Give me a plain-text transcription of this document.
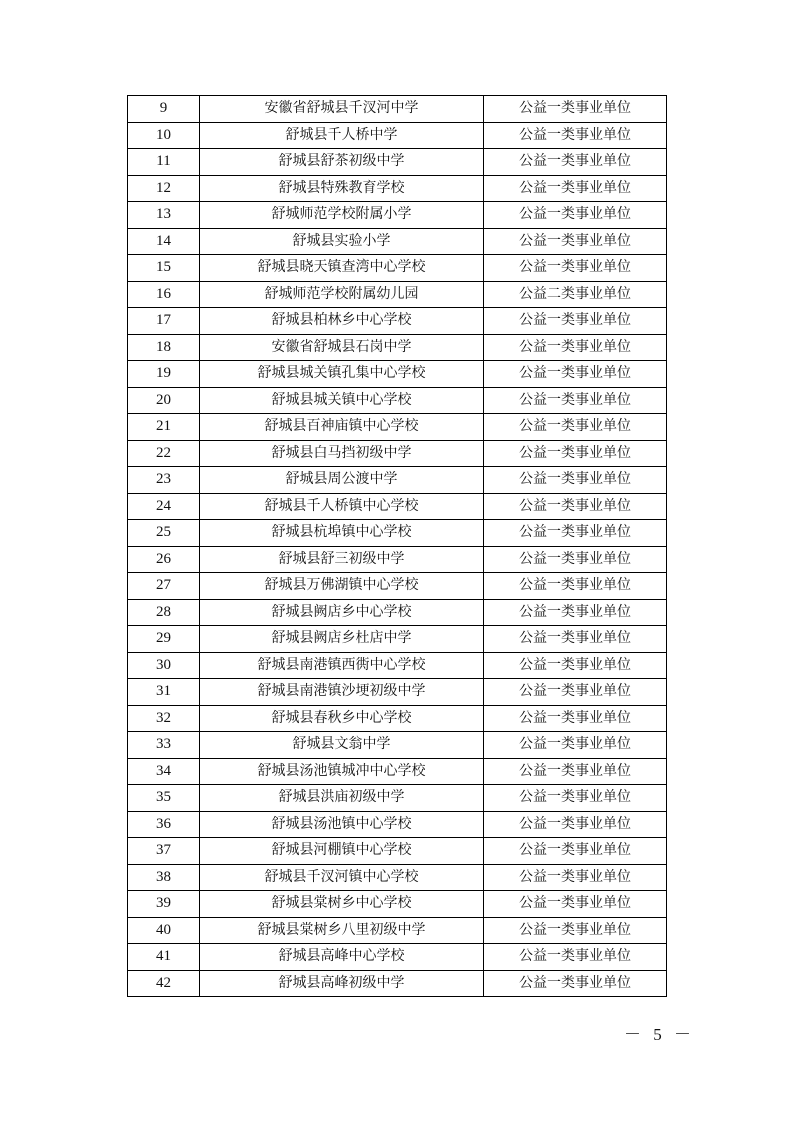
9	安徽省舒城县千汊河中学	公益一类事业单位
10	舒城县千人桥中学	公益一类事业单位
11	舒城县舒茶初级中学	公益一类事业单位
12	舒城县特殊教育学校	公益一类事业单位
13	舒城师范学校附属小学	公益一类事业单位
14	舒城县实验小学	公益一类事业单位
15	舒城县晓天镇查湾中心学校	公益一类事业单位
16	舒城师范学校附属幼儿园	公益二类事业单位
17	舒城县柏林乡中心学校	公益一类事业单位
18	安徽省舒城县石岗中学	公益一类事业单位
19	舒城县城关镇孔集中心学校	公益一类事业单位
20	舒城县城关镇中心学校	公益一类事业单位
21	舒城县百神庙镇中心学校	公益一类事业单位
22	舒城县白马挡初级中学	公益一类事业单位
23	舒城县周公渡中学	公益一类事业单位
24	舒城县千人桥镇中心学校	公益一类事业单位
25	舒城县杭埠镇中心学校	公益一类事业单位
26	舒城县舒三初级中学	公益一类事业单位
27	舒城县万佛湖镇中心学校	公益一类事业单位
28	舒城县阙店乡中心学校	公益一类事业单位
29	舒城县阙店乡杜店中学	公益一类事业单位
30	舒城县南港镇西衖中心学校	公益一类事业单位
31	舒城县南港镇沙埂初级中学	公益一类事业单位
32	舒城县春秋乡中心学校	公益一类事业单位
33	舒城县文翁中学	公益一类事业单位
34	舒城县汤池镇城冲中心学校	公益一类事业单位
35	舒城县洪庙初级中学	公益一类事业单位
36	舒城县汤池镇中心学校	公益一类事业单位
37	舒城县河棚镇中心学校	公益一类事业单位
38	舒城县千汊河镇中心学校	公益一类事业单位
39	舒城县棠树乡中心学校	公益一类事业单位
40	舒城县棠树乡八里初级中学	公益一类事业单位
41	舒城县高峰中心学校	公益一类事业单位
42	舒城县高峰初级中学	公益一类事业单位
－ 5 －
